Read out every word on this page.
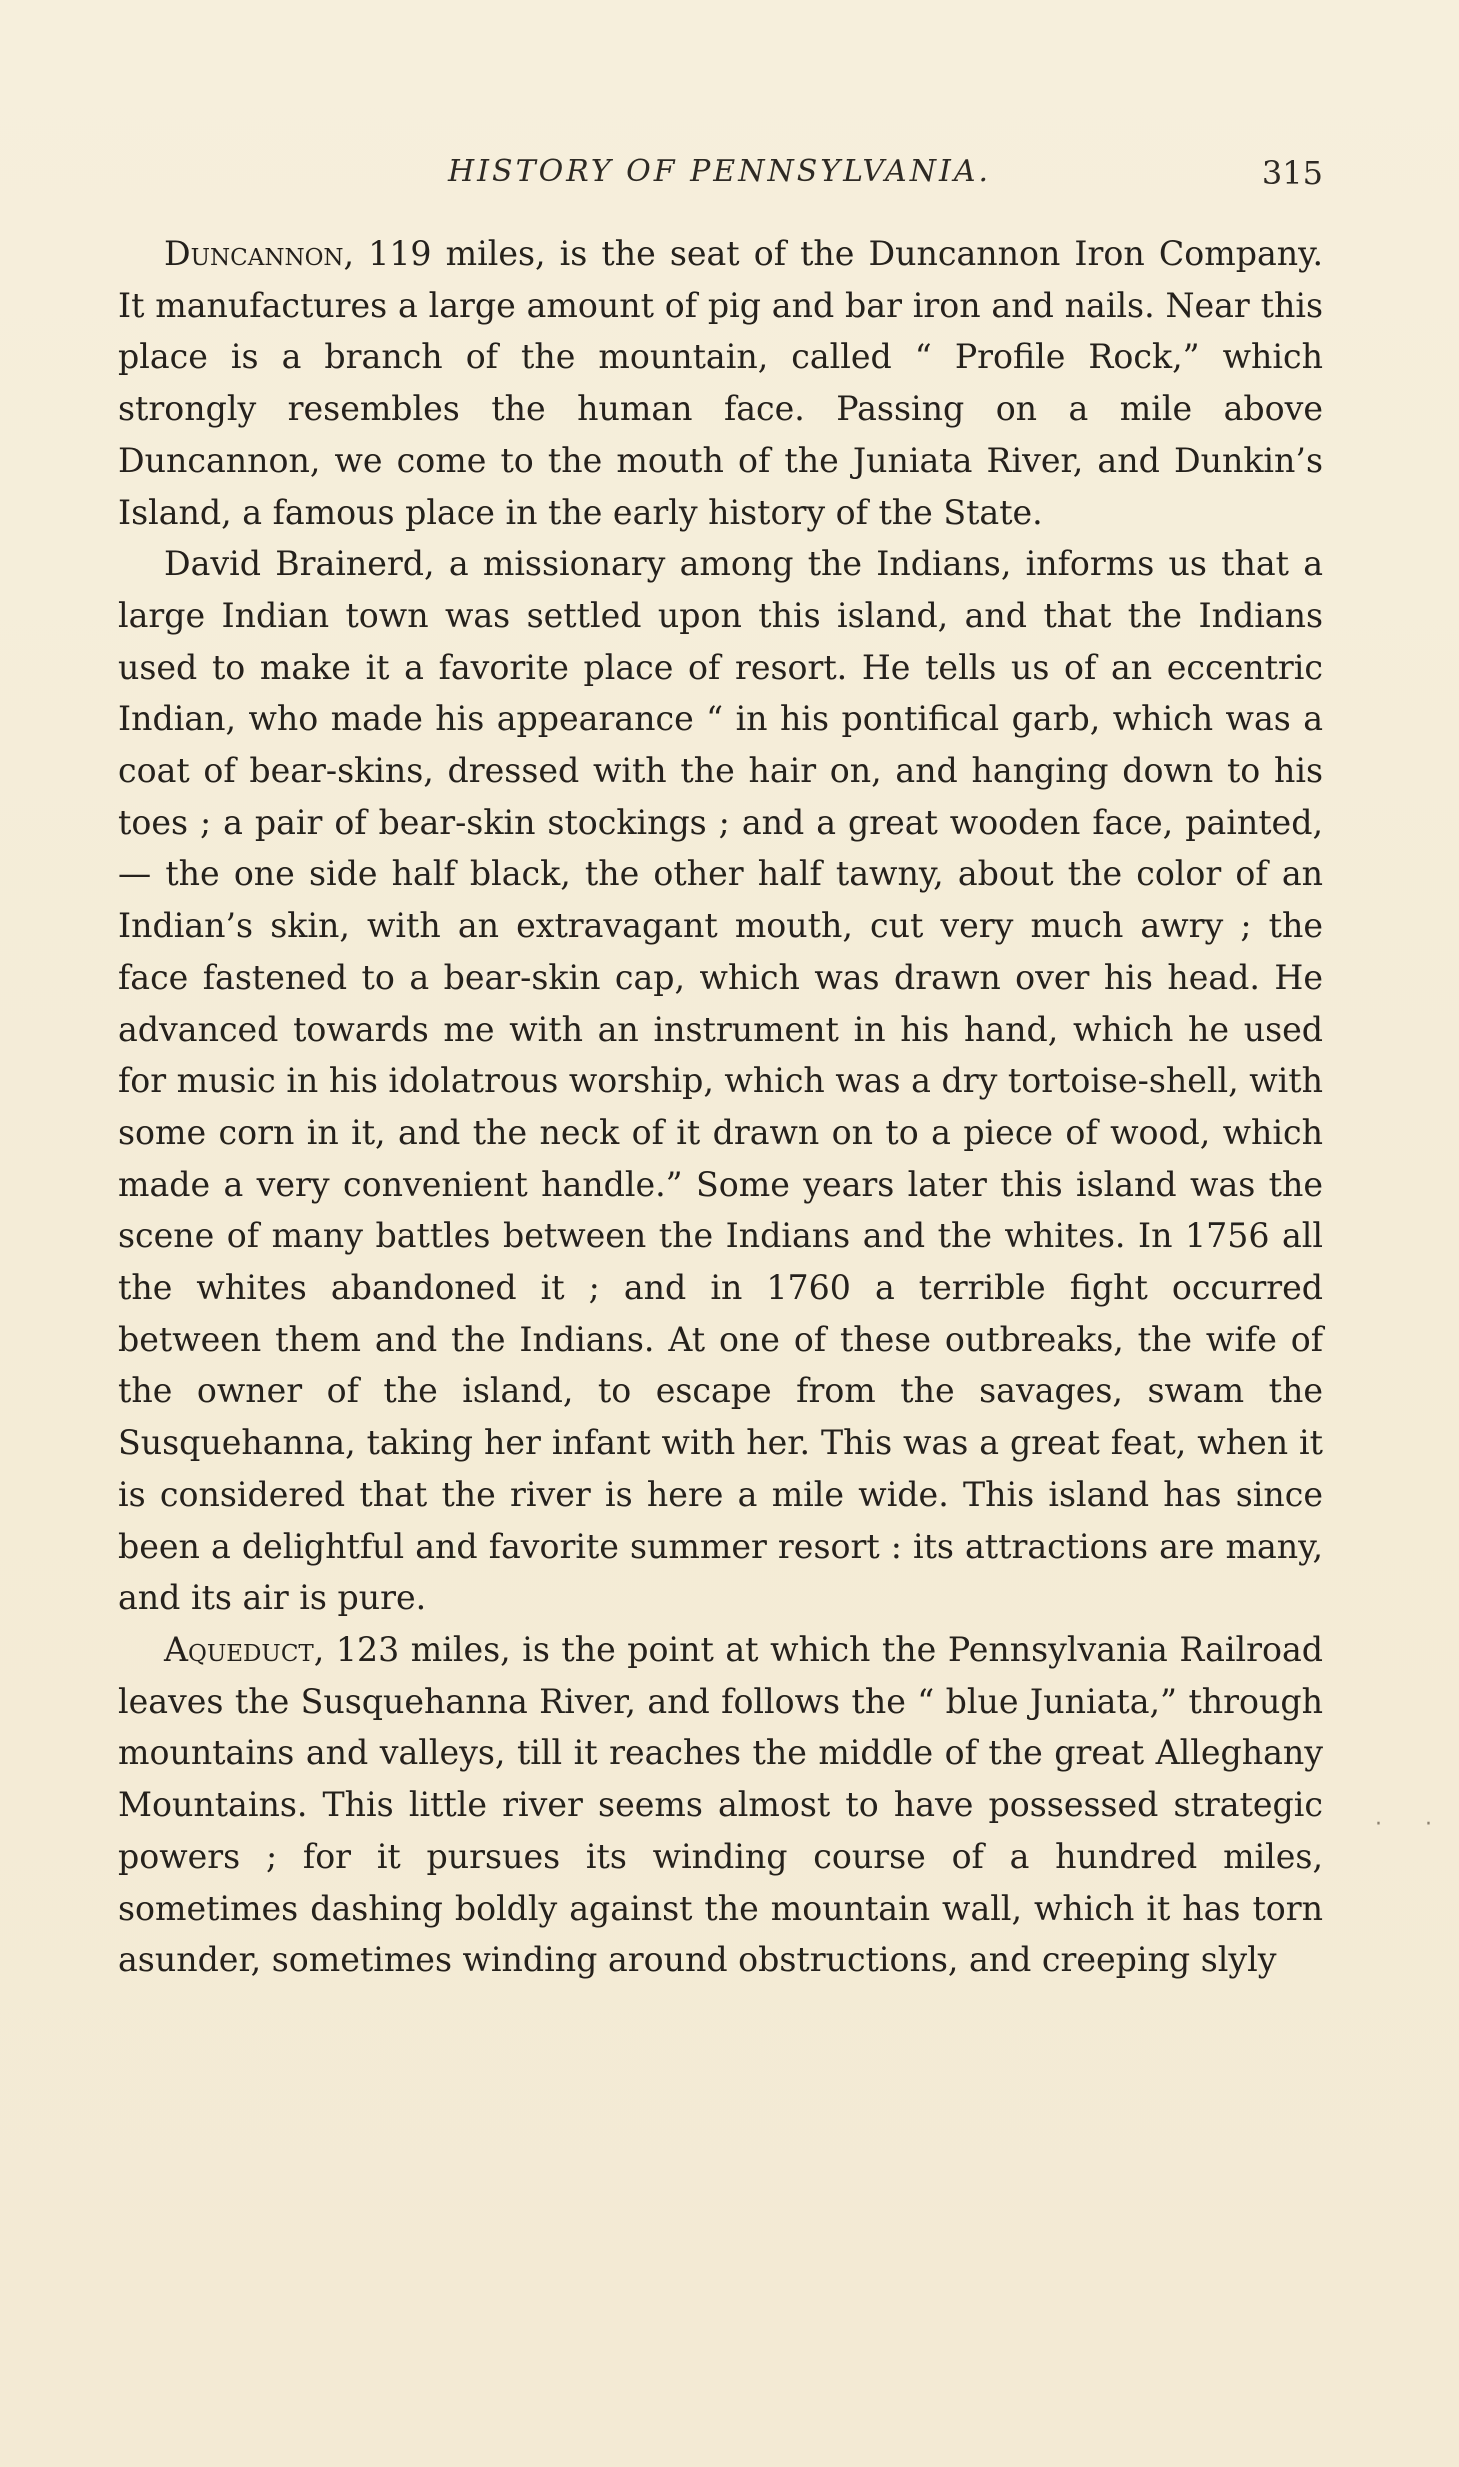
HISTORY OF PENNSYLVANIA.	315

Duncannon, 119 miles, is the seat of the Duncannon Iron Company. It manufactures a large amount of pig and bar iron and nails. Near this place is a branch of the mountain, called “ Profile Rock,” which strongly resembles the human face. Passing on a mile above Duncannon, we come to the mouth of the Juniata River, and Dunkin’s Island, a famous place in the early history of the State.

David Brainerd, a missionary among the Indians, informs us that a large Indian town was settled upon this island, and that the Indians used to make it a favorite place of resort. He tells us of an eccentric Indian, who made his appearance “ in his pontifical garb, which was a coat of bear-skins, dressed with the hair on, and hanging down to his toes ; a pair of bear-skin stockings ; and a great wooden face, painted, — the one side half black, the other half tawny, about the color of an Indian’s skin, with an extravagant mouth, cut very much awry ; the face fastened to a bear-skin cap, which was drawn over his head. He advanced towards me with an instrument in his hand, which he used for music in his idolatrous worship, which was a dry tortoise-shell, with some corn in it, and the neck of it drawn on to a piece of wood, which made a very convenient handle.” Some years later this island was the scene of many battles between the Indians and the whites. In 1756 all the whites abandoned it ; and in 1760 a terrible fight occurred between them and the Indians. At one of these outbreaks, the wife of the owner of the island, to escape from the savages, swam the Susquehanna, taking her infant with her. This was a great feat, when it is considered that the river is here a mile wide. This island has since been a delightful and favorite summer resort : its attractions are many, and its air is pure.

Aqueduct, 123 miles, is the point at which the Pennsylvania Railroad leaves the Susquehanna River, and follows the “ blue Juniata,” through mountains and valleys, till it reaches the middle of the great Alleghany Mountains. This little river seems almost to have possessed strategic powers ; for it pursues its winding course of a hundred miles, sometimes dashing boldly against the mountain wall, which it has torn asunder, sometimes winding around obstructions, and creeping slyly

· ·
